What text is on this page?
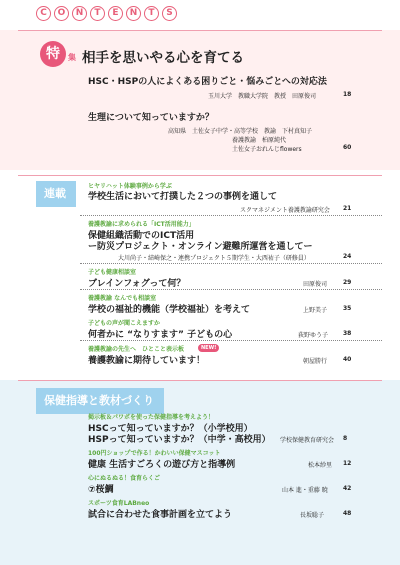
C	O	N	T	E	N	T	S
特	集 相手を思いやる心を育てる
HSC・HSPの人によくある困りごと・悩みごとへの対応法
玉川大学　教職大学院　教授　田原俊司	18
生理について知っていますか？
高知県　土佐女子中学・高等学校　教諭　下村真知子
養護教諭　柏原純代
土佐女子おれんじflowers	60
連載
ヒヤリハット体験事例から学ぶ
学校生活において打撲した２つの事例を通して
スクマネジメント養護教諭研究会 21
養護教諭に求められる「ICT活用能力」
保健組織活動でのICT活用
ー防災プロジェクト・オンライン避難所運営を通してー
大川尚子・結崎保之・連携プロジェクト５期学生・大西祐子（研修員）	24
子ども健康相談室
ブレインフォグって何？	田原俊司	29
養護教諭 なんでも相談室
学校の福祉的機能（学校福祉）を考えて	上野美子	35
子どもの声が聞こえますか
何者かに “なりすます” 子どもの心	荻野ゆう子 38
養護教諭の先生へ　ひとこと表示板	NEW!
養護教諭に期待しています！	朝屋勝行	40
保健指導と教材づくり
掲示板＆パワポを使った保健指導を考えよう！
HSCって知っていますか？（小学校用）
HSPって知っていますか？（中学・高校用） 学校保健教育研究会 8
100円ショップで作る！かわいい保健マスコット
健康 生活すごろくの遊び方と指導例	松本紗里 12
心にぬるぬる！食育らくご
⑦桜鯛	山本 進・重藤 暁	42
スポーツ食育LABneo
試合に合わせた食事計画を立てよう	長坂聡子	48
